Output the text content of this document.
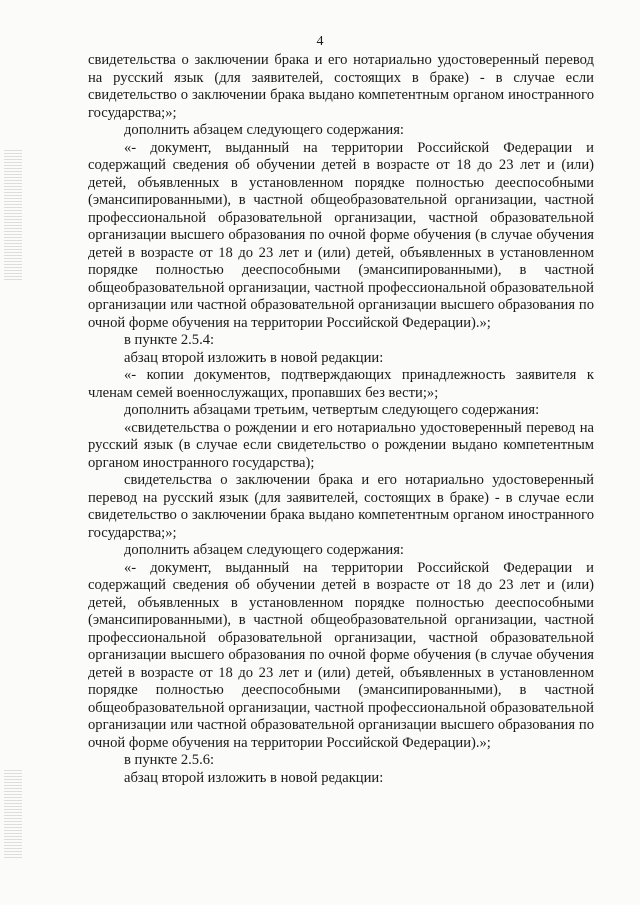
4

свидетельства о заключении брака и его нотариально удостоверенный перевод на русский язык (для заявителей, состоящих в браке) - в случае если свидетельство о заключении брака выдано компетентным органом иностранного государства;»;

дополнить абзацем следующего содержания:

«- документ, выданный на территории Российской Федерации и содержащий сведения об обучении детей в возрасте от 18 до 23 лет и (или) детей, объявленных в установленном порядке полностью дееспособными (эмансипированными), в частной общеобразовательной организации, частной профессиональной образовательной организации, частной образовательной организации высшего образования по очной форме обучения (в случае обучения детей в возрасте от 18 до 23 лет и (или) детей, объявленных в установленном порядке полностью дееспособными (эмансипированными), в частной общеобразовательной организации, частной профессиональной образовательной организации или частной образовательной организации высшего образования по очной форме обучения на территории Российской Федерации).»;

в пункте 2.5.4:

абзац второй изложить в новой редакции:

«- копии документов, подтверждающих принадлежность заявителя к членам семей военнослужащих, пропавших без вести;»;

дополнить абзацами третьим, четвертым следующего содержания:

«свидетельства о рождении и его нотариально удостоверенный перевод на русский язык (в случае если свидетельство о рождении выдано компетентным органом иностранного государства);

свидетельства о заключении брака и его нотариально удостоверенный перевод на русский язык (для заявителей, состоящих в браке) - в случае если свидетельство о заключении брака выдано компетентным органом иностранного государства;»;

дополнить абзацем следующего содержания:

«- документ, выданный на территории Российской Федерации и содержащий сведения об обучении детей в возрасте от 18 до 23 лет и (или) детей, объявленных в установленном порядке полностью дееспособными (эмансипированными), в частной общеобразовательной организации, частной профессиональной образовательной организации, частной образовательной организации высшего образования по очной форме обучения (в случае обучения детей в возрасте от 18 до 23 лет и (или) детей, объявленных в установленном порядке полностью дееспособными (эмансипированными), в частной общеобразовательной организации, частной профессиональной образовательной организации или частной образовательной организации высшего образования по очной форме обучения на территории Российской Федерации).»;

в пункте 2.5.6:

абзац второй изложить в новой редакции:
